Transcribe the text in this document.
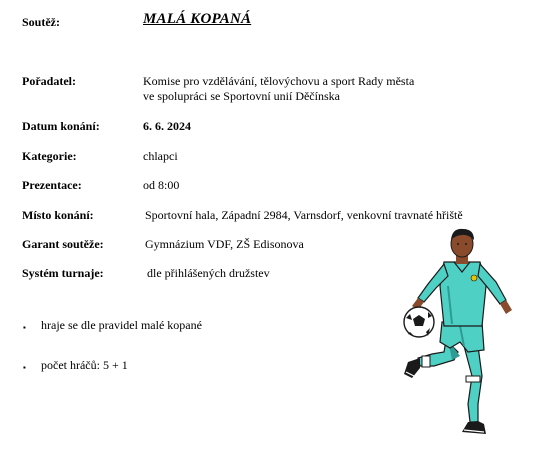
Soutěž:	MALÁ KOPANÁ
Pořadatel:	Komise pro vzdělávání, tělovýchovu a sport Rady města
ve spolupráci se Sportovní unií Děčínska
Datum konání:	6. 6. 2024
Kategorie:	chlapci
Prezentace:	od 8:00
Místo konání:	Sportovní hala, Západní 2984, Varnsdorf, venkovní travnaté hřiště
Garant soutěže:	Gymnázium VDF, ZŠ Edisonova
Systém turnaje:	dle přihlášených družstev
▪ hraje se dle pravidel malé kopané
▪ počet hráčů: 5 + 1
